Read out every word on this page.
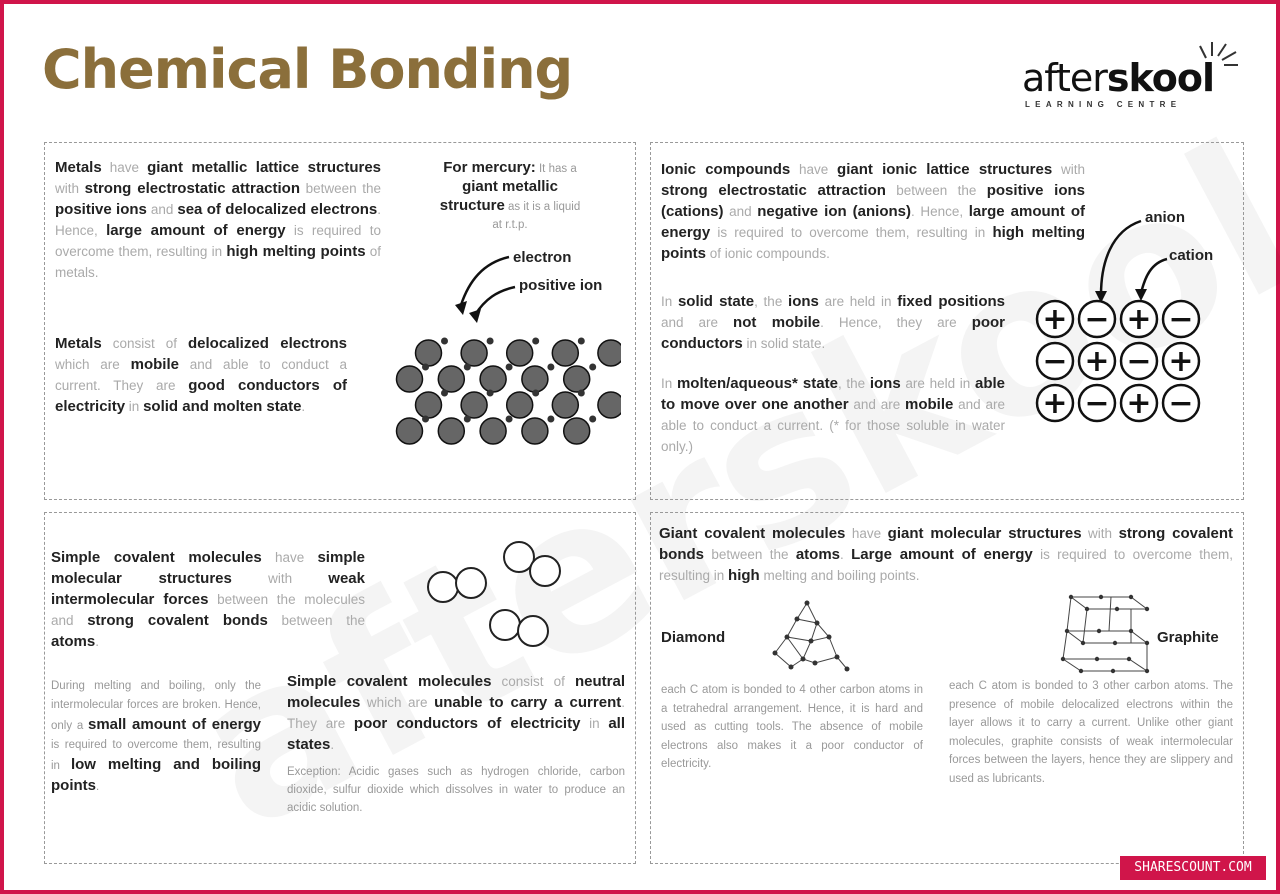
Chemical Bonding	afterskool
LEARNING CENTRE
Metals have giant metallic lattice structures with strong electrostatic attraction between the positive ions and sea of delocalized electrons. Hence, large amount of energy is required to overcome them, resulting in high melting points of metals.
Metals consist of delocalized electrons which are mobile and able to conduct a current. They are good conductors of electricity in solid and molten state.
For mercury: It has a giant metallic structure as it is a liquid at r.t.p.
electron
positive ion
Ionic compounds have giant ionic lattice structures with strong electrostatic attraction between the positive ions (cations) and negative ion (anions). Hence, large amount of energy is required to overcome them, resulting in high melting points of ionic compounds.
In solid state, the ions are held in fixed positions and are not mobile. Hence, they are poor conductors in solid state.
In molten/aqueous* state, the ions are held in able to move over one another and are mobile and are able to conduct a current. (* for those soluble in water only.)
anion
cation
+ − + −
− + − +
+ − + −
Simple covalent molecules have simple molecular structures with weak intermolecular forces between the molecules and strong covalent bonds between the atoms.
During melting and boiling, only the intermolecular forces are broken. Hence, only a small amount of energy is required to overcome them, resulting in low melting and boiling points.
Simple covalent molecules consist of neutral molecules which are unable to carry a current. They are poor conductors of electricity in all states.
Exception: Acidic gases such as hydrogen chloride, carbon dioxide, sulfur dioxide which dissolves in water to produce an acidic solution.
Giant covalent molecules have giant molecular structures with strong covalent bonds between the atoms. Large amount of energy is required to overcome them, resulting in high melting and boiling points.
Diamond	Graphite
each C atom is bonded to 4 other carbon atoms in a tetrahedral arrangement. Hence, it is hard and used as cutting tools. The absence of mobile electrons also makes it a poor conductor of electricity.
each C atom is bonded to 3 other carbon atoms. The presence of mobile delocalized electrons within the layer allows it to carry a current. Unlike other giant molecules, graphite consists of weak intermolecular forces between the layers, hence they are slippery and used as lubricants.
SHARESCOUNT.COM
